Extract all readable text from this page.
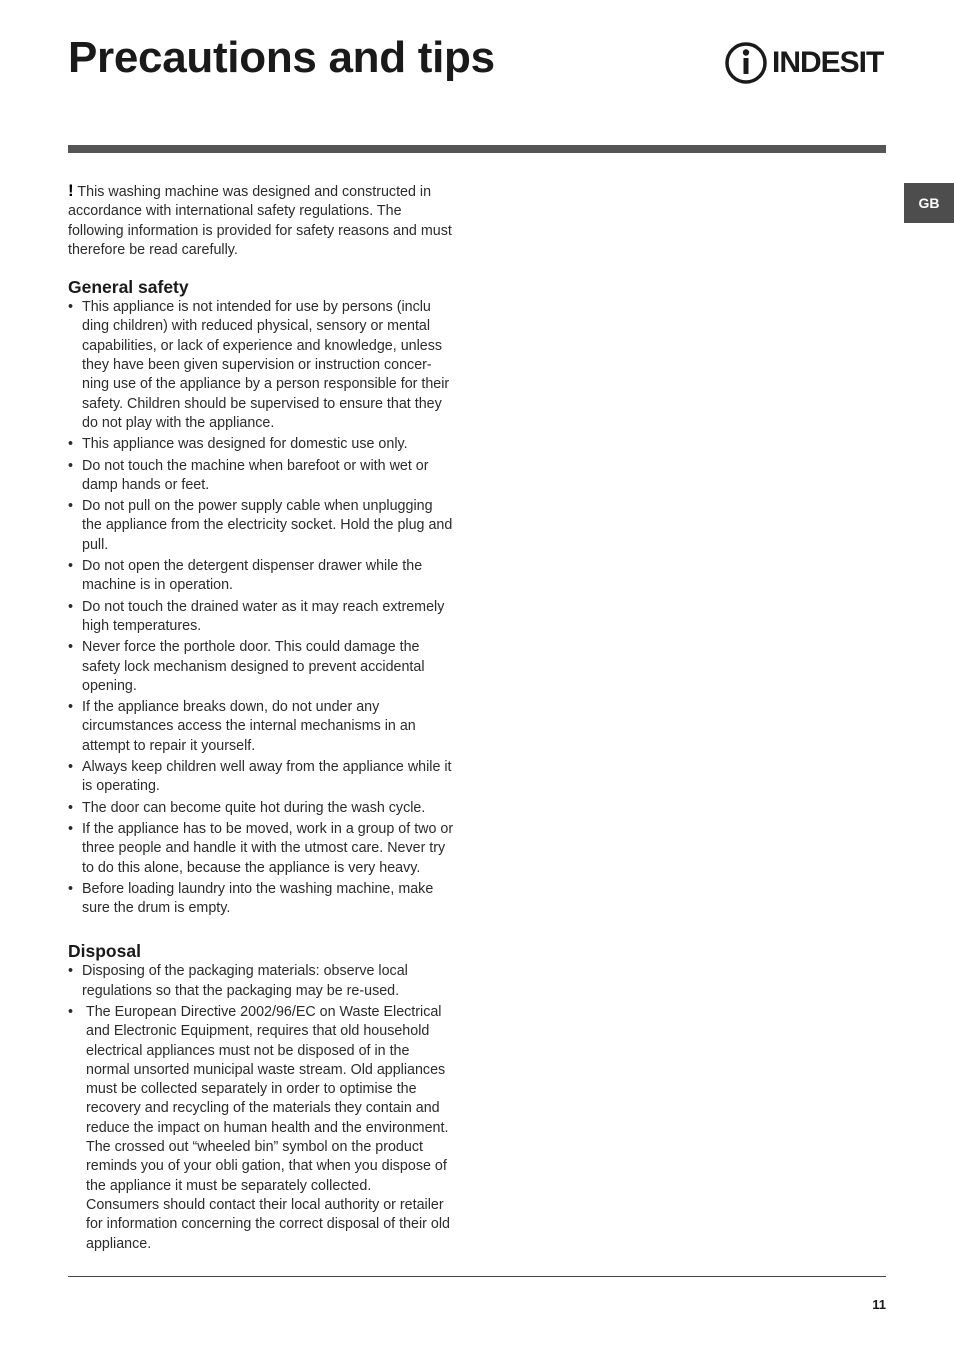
Precautions and tips	INDESIT
GB

! This washing machine was designed and constructed in accordance with international safety regulations. The following information is provided for safety reasons and must therefore be read carefully.

General safety
• This appliance is not intended for use by persons (inclu ding children) with reduced physical, sensory or mental capabilities, or lack of experience and knowledge, unless they have been given supervision or instruction concer- ning use of the appliance by a person responsible for their safety. Children should be supervised to ensure that they do not play with the appliance.
• This appliance was designed for domestic use only.
• Do not touch the machine when barefoot or with wet or damp hands or feet.
• Do not pull on the power supply cable when unplugging the appliance from the electricity socket. Hold the plug and pull.
• Do not open the detergent dispenser drawer while the machine is in operation.
• Do not touch the drained water as it may reach extremely high temperatures.
• Never force the porthole door. This could damage the safety lock mechanism designed to prevent accidental opening.
• If the appliance breaks down, do not under any circumstances access the internal mechanisms in an attempt to repair it yourself.
• Always keep children well away from the appliance while it is operating.
• The door can become quite hot during the wash cycle.
• If the appliance has to be moved, work in a group of two or three people and handle it with the utmost care. Never try to do this alone, because the appliance is very heavy.
• Before loading laundry into the washing machine, make sure the drum is empty.
Disposal
• Disposing of the packaging materials: observe local regulations so that the packaging may be re-used.
• The European Directive 2002/96/EC on Waste Electrical and Electronic Equipment, requires that old household electrical appliances must not be disposed of in the normal unsorted municipal waste stream. Old appliances must be collected separately in order to optimise the recovery and recycling of the materials they contain and reduce the impact on human health and the environment. The crossed out “wheeled bin” symbol on the product reminds you of your obli gation, that when you dispose of the appliance it must be separately collected.
Consumers should contact their local authority or retailer for information concerning the correct disposal of their old appliance.
11
